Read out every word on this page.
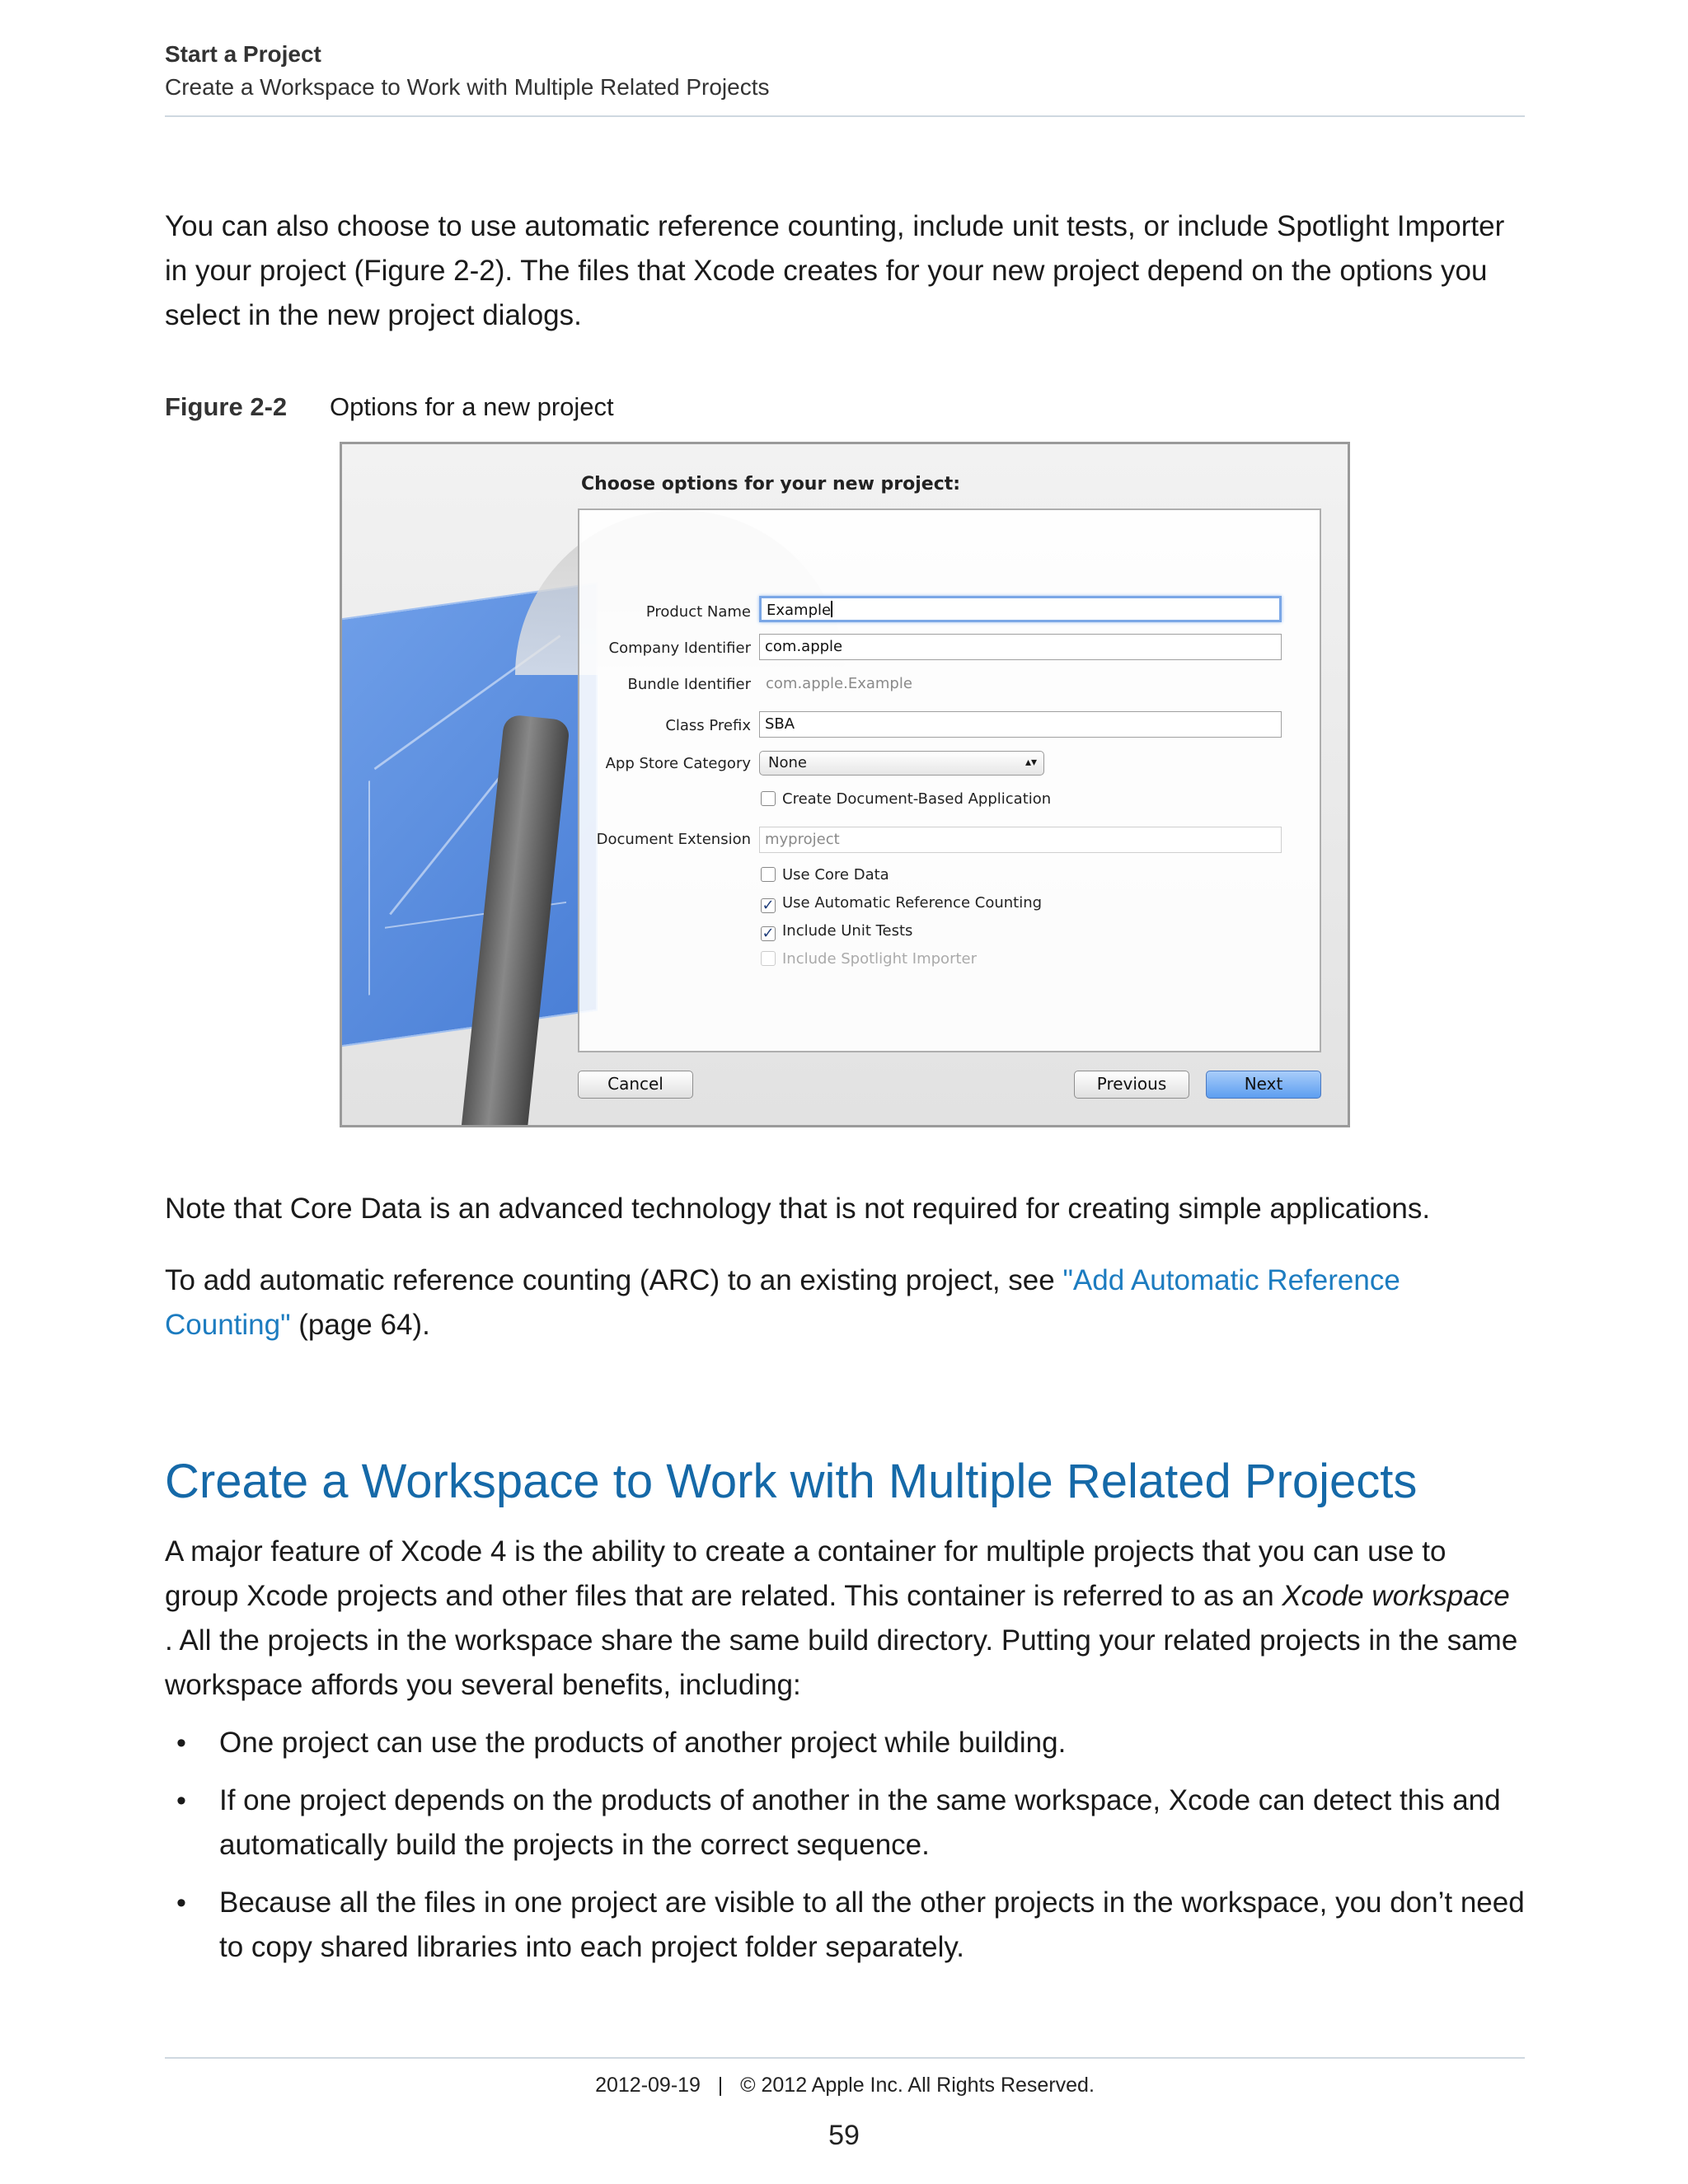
Start a Project
Create a Workspace to Work with Multiple Related Projects

You can also choose to use automatic reference counting, include unit tests, or include Spotlight Importer in your project (Figure 2-2). The files that Xcode creates for your new project depend on the options you select in the new project dialogs.

Figure 2-2 Options for a new project
Choose options for your new project:
Product Name	Example
Company Identifier com.apple
Bundle Identifier com.apple.Example
Class Prefix SBA
App Store Category	None	▴▾
Create Document-Based Application
Document Extension myproject
Use Core Data
✓ Use Automatic Reference Counting
✓ Include Unit Tests
Include Spotlight Importer
Cancel	Previous	Next

Note that Core Data is an advanced technology that is not required for creating simple applications.

To add automatic reference counting (ARC) to an existing project, see "Add Automatic Reference Counting" (page 64).

Create a Workspace to Work with Multiple Related Projects

A major feature of Xcode 4 is the ability to create a container for multiple projects that you can use to group Xcode projects and other files that are related. This container is referred to as an Xcode workspace . All the projects in the workspace share the same build directory. Putting your related projects in the same workspace affords you several benefits, including:

• One project can use the products of another project while building.
• If one project depends on the products of another in the same workspace, Xcode can detect this and automatically build the projects in the correct sequence.
• Because all the files in one project are visible to all the other projects in the workspace, you don’t need to copy shared libraries into each project folder separately.
2012-09-19   |   © 2012 Apple Inc. All Rights Reserved.
59
